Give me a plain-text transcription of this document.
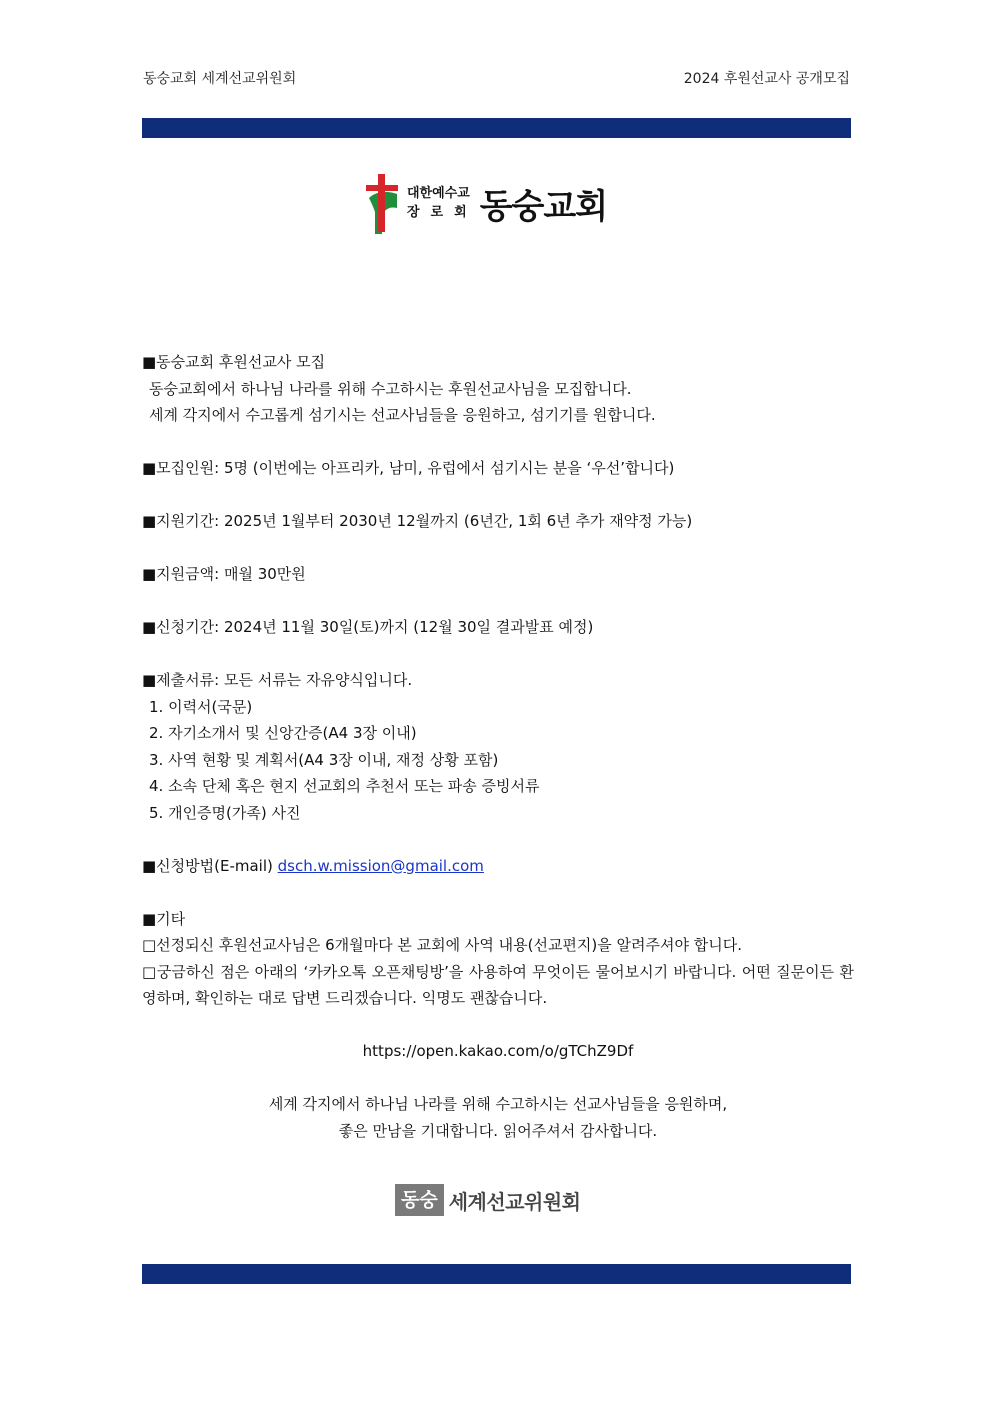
동숭교회 세계선교위원회	2024 후원선교사 공개모집
대한예수교
장로회 동숭교회

■동숭교회 후원선교사 모집

동숭교회에서 하나님 나라를 위해 수고하시는 후원선교사님을 모집합니다.

세계 각지에서 수고롭게 섬기시는 선교사님들을 응원하고, 섬기기를 원합니다.

■모집인원: 5명 (이번에는 아프리카, 남미, 유럽에서 섬기시는 분을 ‘우선’합니다)

■지원기간: 2025년 1월부터 2030년 12월까지 (6년간, 1회 6년 추가 재약정 가능)

■지원금액: 매월 30만원

■신청기간: 2024년 11월 30일(토)까지 (12월 30일 결과발표 예정)

■제출서류: 모든 서류는 자유양식입니다.

1. 이력서(국문)

2. 자기소개서 및 신앙간증(A4 3장 이내)

3. 사역 현황 및 계획서(A4 3장 이내, 재정 상황 포함)

4. 소속 단체 혹은 현지 선교회의 추천서 또는 파송 증빙서류

5. 개인증명(가족) 사진

■신청방법(E-mail) dsch.w.mission@gmail.com

■기타

□선정되신 후원선교사님은 6개월마다 본 교회에 사역 내용(선교편지)을 알려주셔야 합니다.

□궁금하신 점은 아래의 ‘카카오톡 오픈채팅방’을 사용하여 무엇이든 물어보시기 바랍니다. 어떤 질문이든 환영하며, 확인하는 대로 답변 드리겠습니다. 익명도 괜찮습니다.

https://open.kakao.com/o/gTChZ9Df

세계 각지에서 하나님 나라를 위해 수고하시는 선교사님들을 응원하며,

좋은 만남을 기대합니다. 읽어주셔서 감사합니다.

동숭 세계선교위원회
